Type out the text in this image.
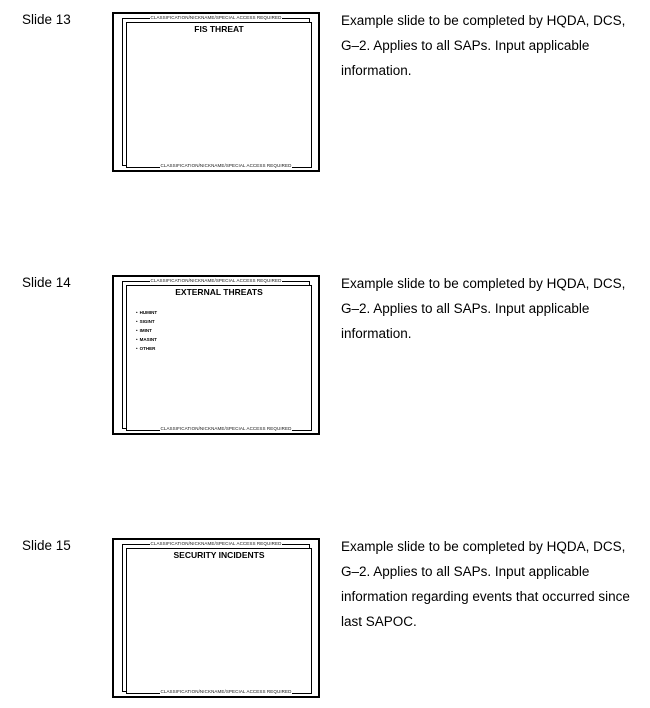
Slide 13	CLASSIFICATION/NICKNAME/SPECIAL ACCESS REQUIRED
FIS THREAT
CLASSIFICATION/NICKNAME/SPECIAL ACCESS REQUIRED
Example slide to be completed by HQDA, DCS, G–2. Applies to all SAPs. Input applicable information.
Slide 14	CLASSIFICATION/NICKNAME/SPECIAL ACCESS REQUIRED
EXTERNAL THREATS
• HUMINT
• SIGINT
• IMINT
• MASINT
• OTHER
CLASSIFICATION/NICKNAME/SPECIAL ACCESS REQUIRED
Example slide to be completed by HQDA, DCS, G–2. Applies to all SAPs. Input applicable information.
Slide 15	CLASSIFICATION/NICKNAME/SPECIAL ACCESS REQUIRED
SECURITY INCIDENTS
CLASSIFICATION/NICKNAME/SPECIAL ACCESS REQUIRED
Example slide to be completed by HQDA, DCS, G–2. Applies to all SAPs. Input applicable information regarding events that occurred since last SAPOC.
